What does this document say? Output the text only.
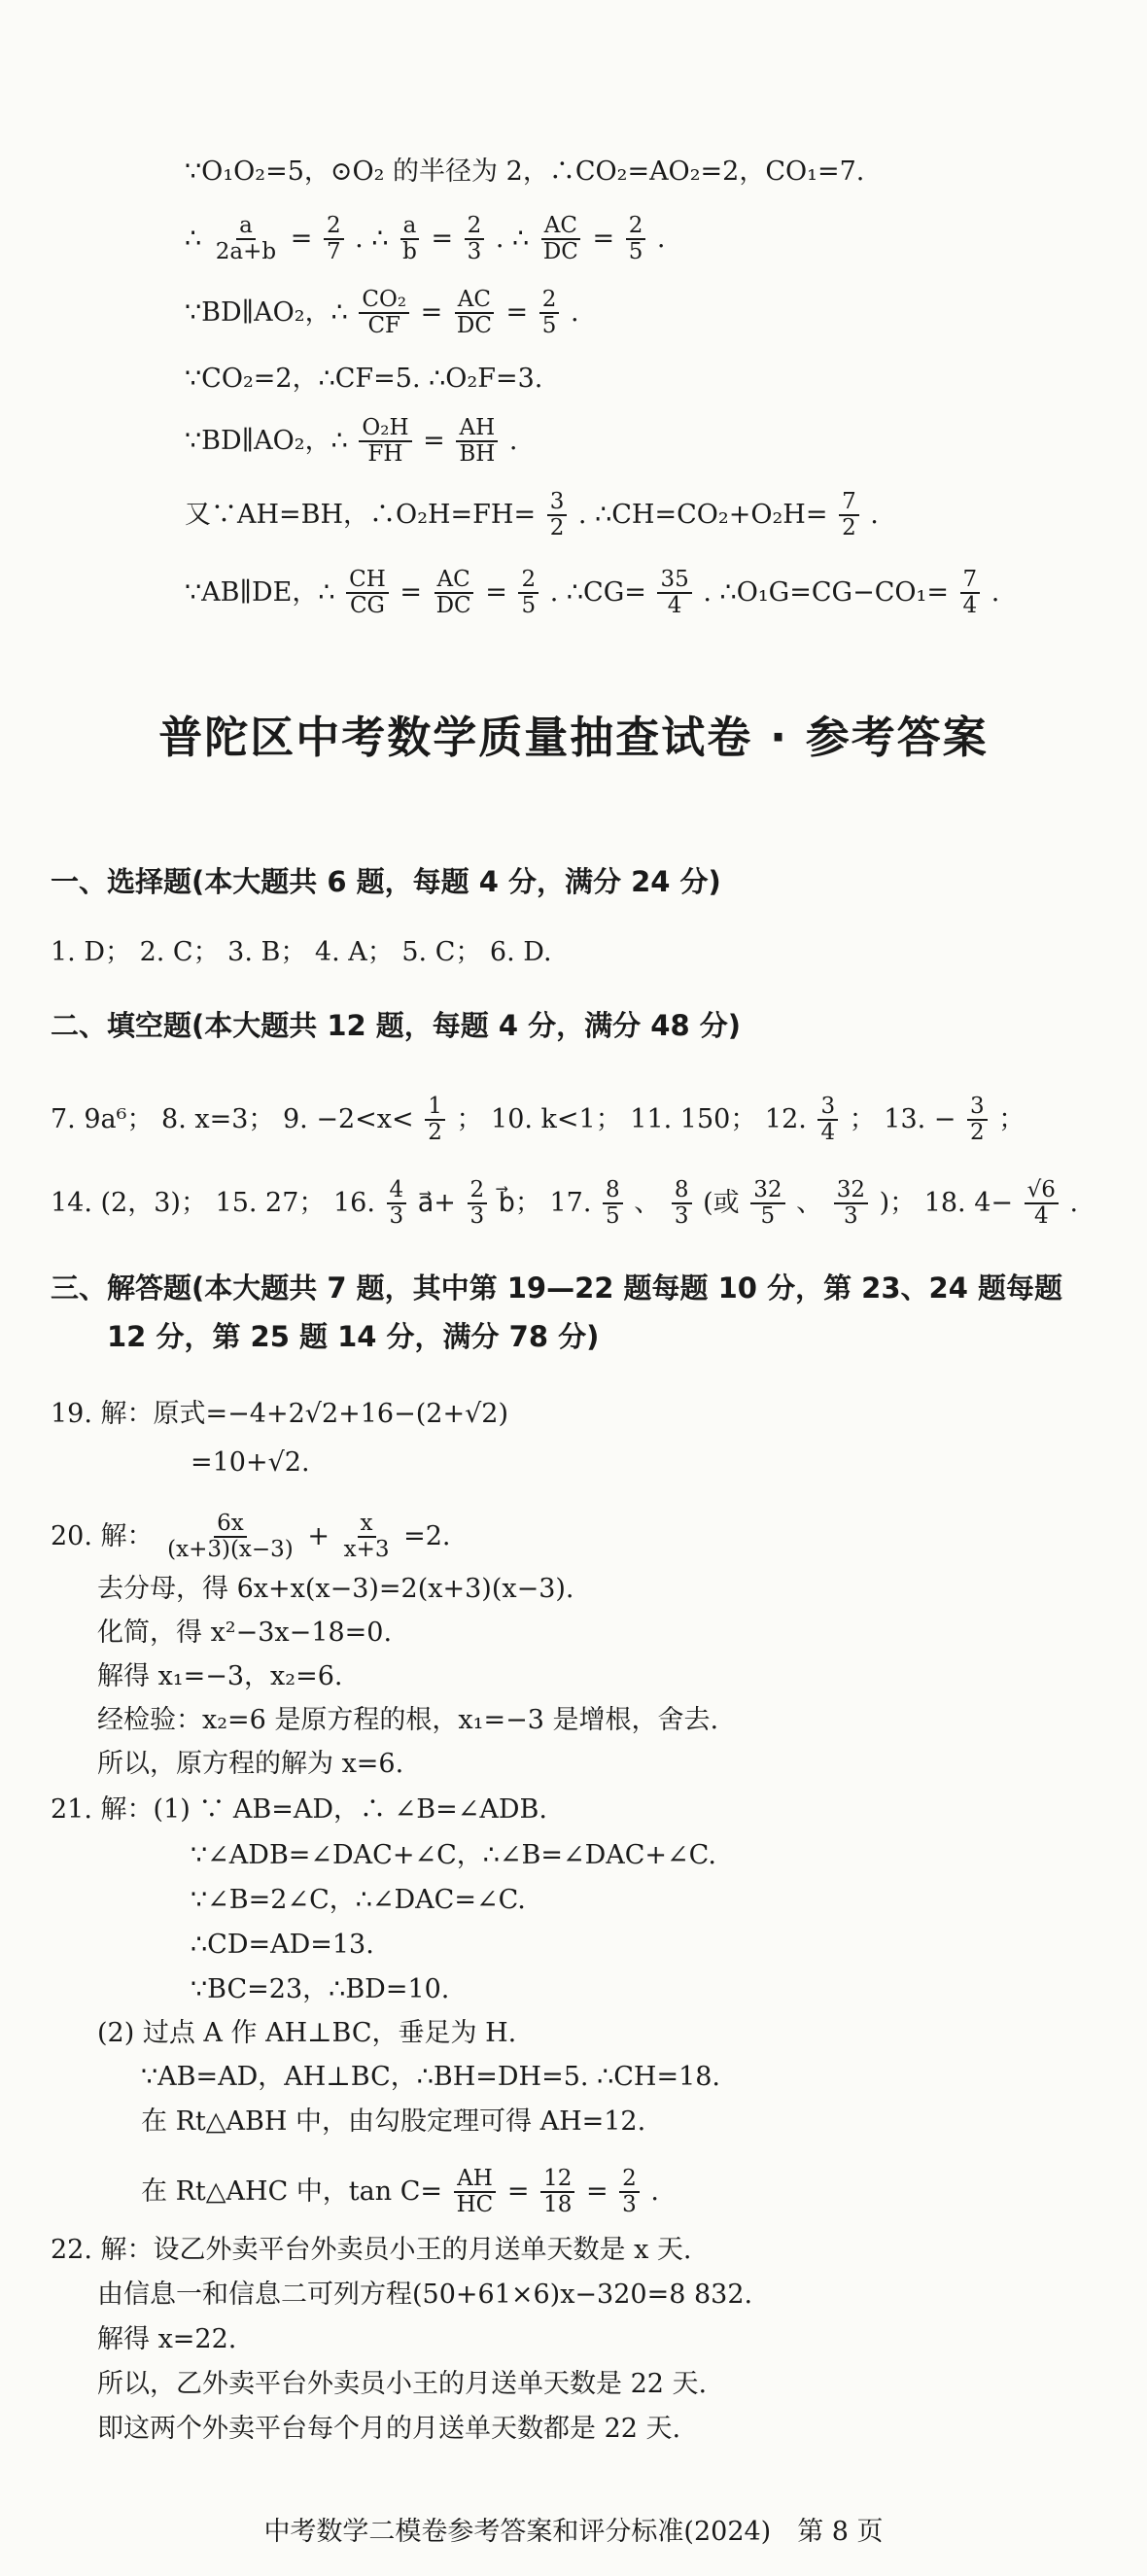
∵O₁O₂=5，⊙O₂ 的半径为 2，∴CO₂=AO₂=2，CO₁=7.
∴ $\frac{a}{2a+b} = \frac{2}{7}$ . ∴ $\frac{a}{b} = \frac{2}{3}$ . ∴ $\frac{AC}{DC} = \frac{2}{5}$ .
∵BD∥AO₂，∴ $\frac{\text{CO₂}}{CF} = \frac{AC}{DC} = \frac{2}{5}$ .
∵CO₂=2，∴CF=5. ∴O₂F=3.
∵BD∥AO₂，∴ $\frac{\text{O₂H}}{FH} = \frac{AH}{BH}$ .
又∵AH=BH，∴O₂H=FH= $\frac{3}{2}$ . ∴CH=CO₂+O₂H= $\frac{7}{2}$ .
∵AB∥DE，∴ $\frac{CH}{CG} = \frac{AC}{DC} = \frac{2}{5}$ . ∴CG= $\frac{35}{4}$ . ∴O₁G=CG−CO₁= $\frac{7}{4}$ .
普陀区中考数学质量抽查试卷 · 参考答案
一、选择题(本大题共 6 题，每题 4 分，满分 24 分)
1. D； 2. C； 3. B； 4. A； 5. C； 6. D.
二、填空题(本大题共 12 题，每题 4 分，满分 48 分)
7. 9a⁶； 8. x=3； 9. $-2<x< \frac{1}{2}$ ； 10. k<1； 11. 150； 12. $\frac{3}{4}$ ； 13. − $\frac{3}{2}$ ；
14. (2，3)； 15. 27； 16. $\frac{4}{3}$ a⃗+ $\frac{2}{3}$ b⃗； 17. $\frac{8}{5}$ 、 $\frac{8}{3}$ (或 $\frac{32}{5}$ 、 $\frac{32}{3}$ )； 18. $4- \frac{√6}{4}$ .
三、解答题(本大题共 7 题，其中第 19—22 题每题 10 分，第 23、24 题每题
12 分，第 25 题 14 分，满分 78 分)
19. 解：原式=−4+2√2+16−(2+√2)
=10+√2.
20. 解： $\frac{6x}{(x+3)(x-3)} + \frac{x}{x+3} =2$.
去分母，得 6x+x(x−3)=2(x+3)(x−3).
化简，得 x²−3x−18=0.
解得 x₁=−3，x₂=6.
经检验：x₂=6 是原方程的根，x₁=−3 是增根，舍去.
所以，原方程的解为 x=6.
21. 解：(1) ∵ AB=AD，∴ ∠B=∠ADB.
∵∠ADB=∠DAC+∠C，∴∠B=∠DAC+∠C.
∵∠B=2∠C，∴∠DAC=∠C.
∴CD=AD=13.
∵BC=23，∴BD=10.
(2) 过点 A 作 AH⊥BC，垂足为 H.
∵AB=AD，AH⊥BC，∴BH=DH=5. ∴CH=18.
在 Rt△ABH 中，由勾股定理可得 AH=12.
在 Rt△AHC 中，$\tan C= \frac{AH}{HC} = \frac{12}{18} = \frac{2}{3}$ .
22. 解：设乙外卖平台外卖员小王的月送单天数是 x 天.
由信息一和信息二可列方程(50+61×6)x−320=8 832.
解得 x=22.
所以，乙外卖平台外卖员小王的月送单天数是 22 天.
即这两个外卖平台每个月的月送单天数都是 22 天.
中考数学二模卷参考答案和评分标准(2024)　第 8 页
